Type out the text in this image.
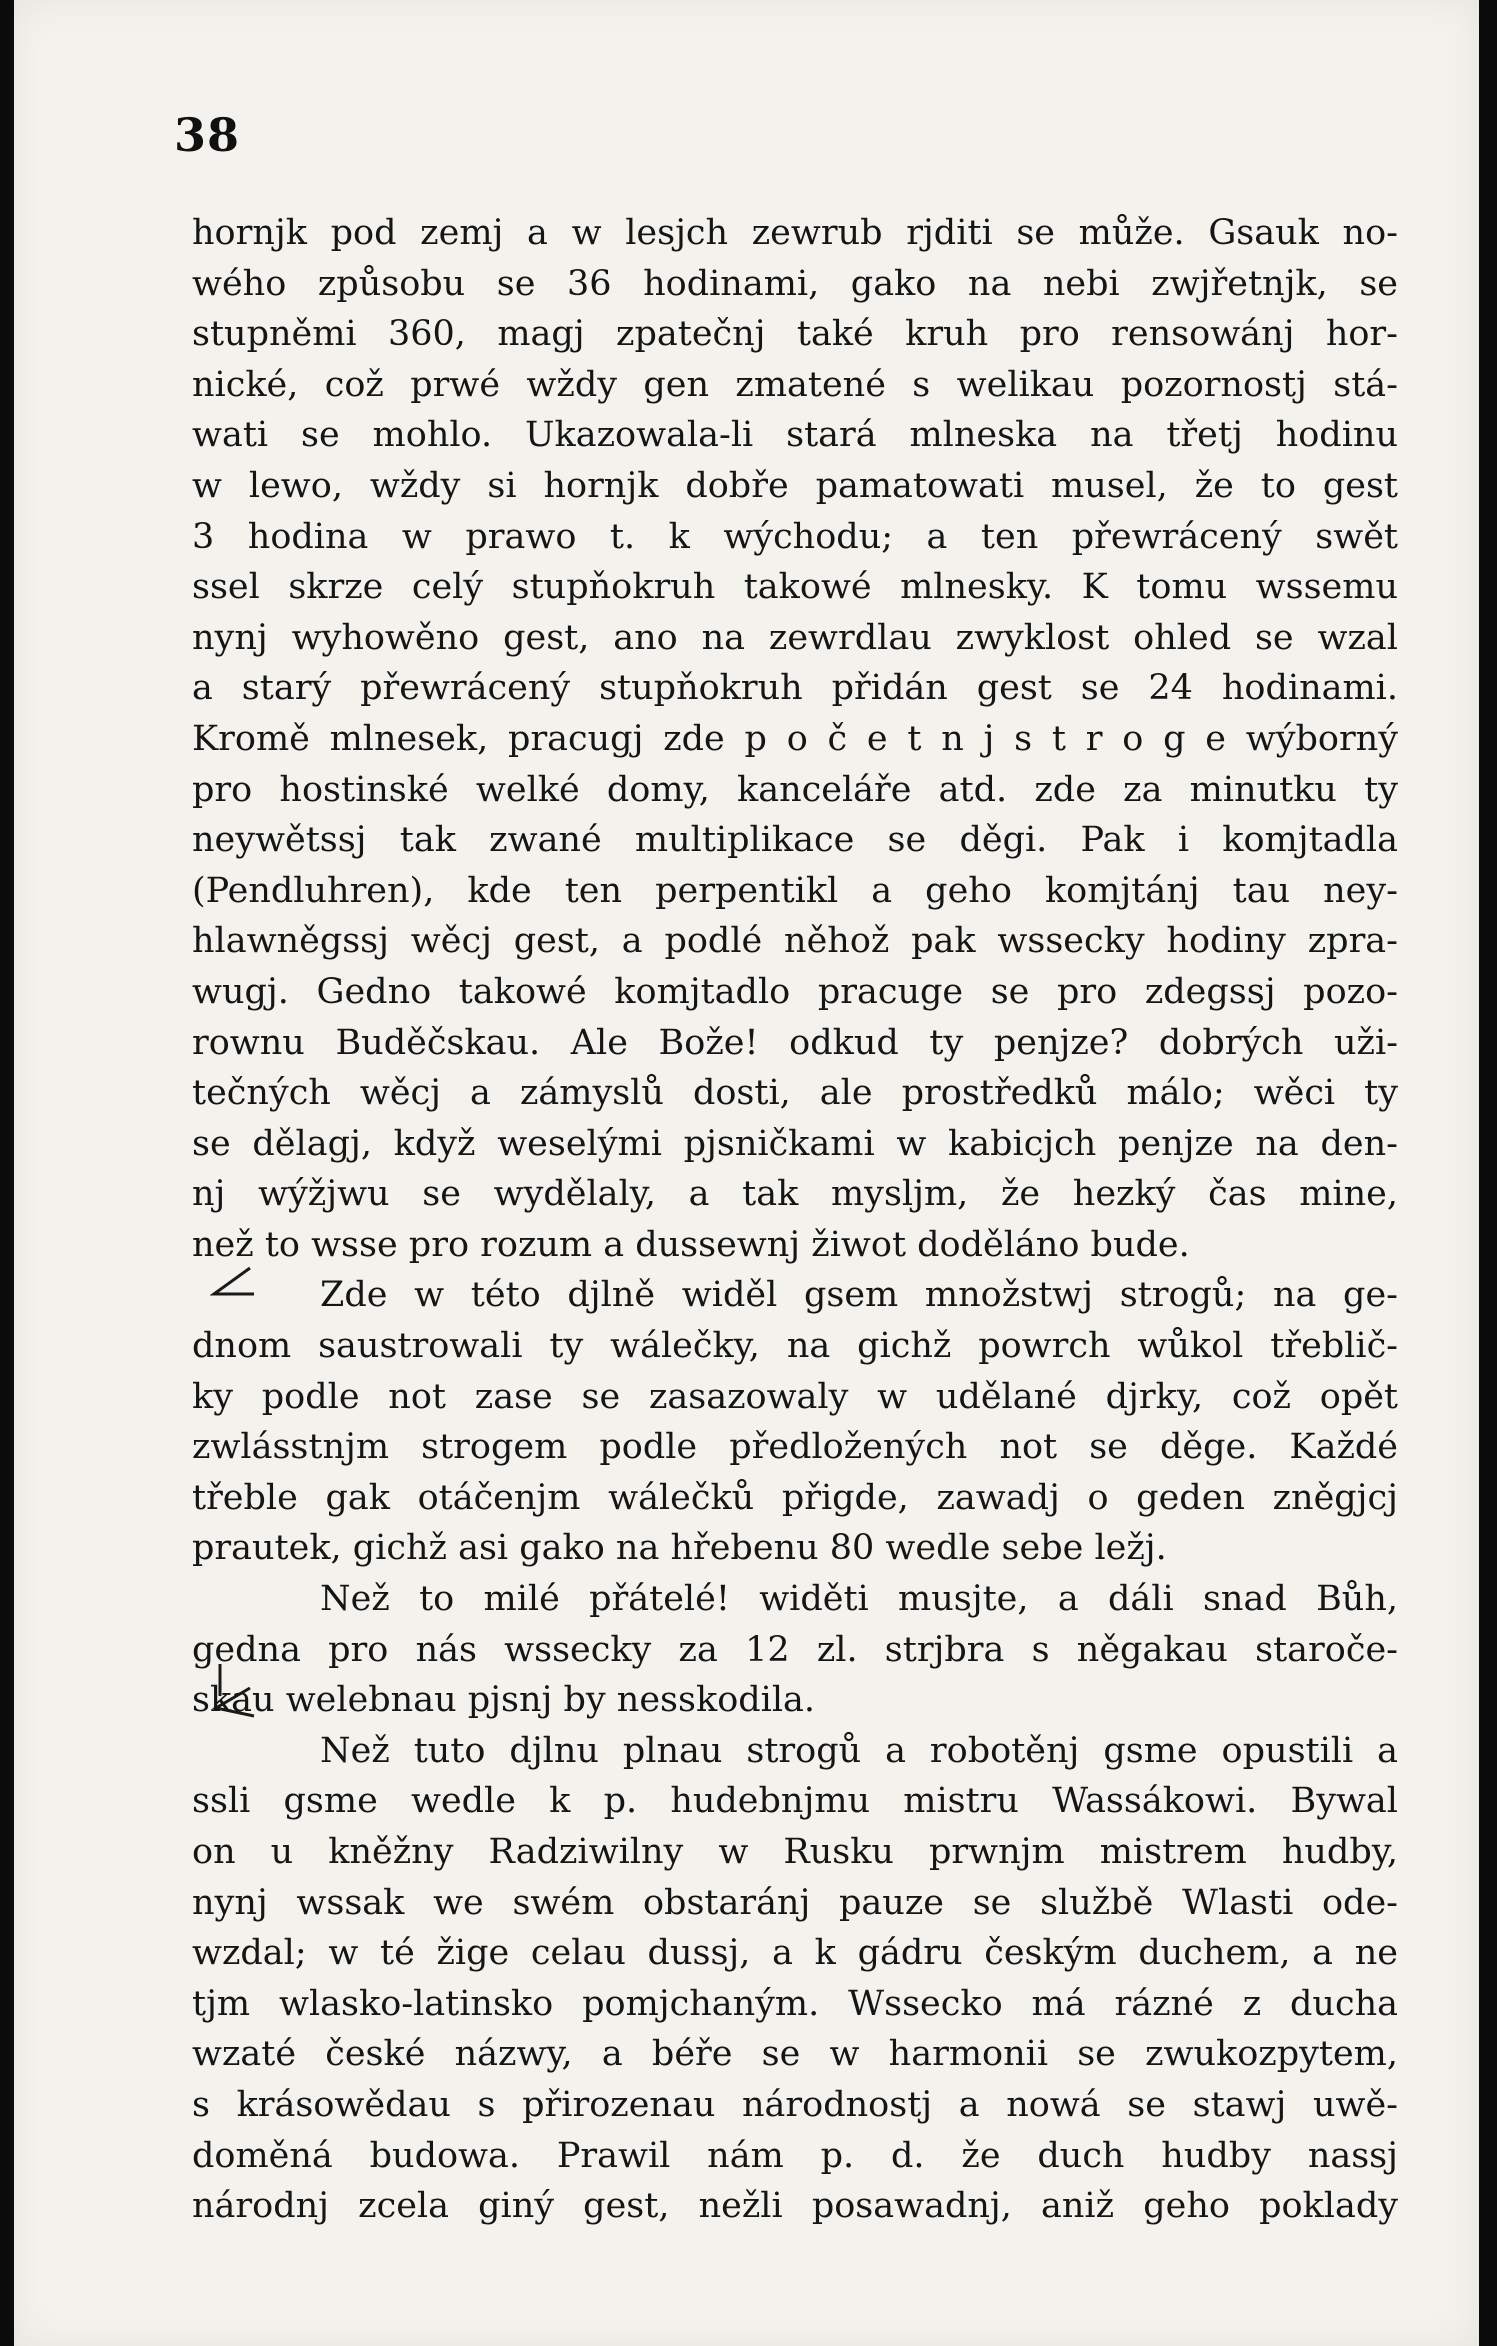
38
hornjk pod zemj a w lesjch zewrub rjditi se může. Gsauk no-
wého způsobu se 36 hodinami, gako na nebi zwjřetnjk, se
stupněmi 360, magj zpatečnj také kruh pro rensowánj hor-
nické, což prwé wždy gen zmatené s welikau pozornostj stá-
wati se mohlo. Ukazowala-li stará mlneska na třetj hodinu
w lewo, wždy si hornjk dobře pamatowati musel, že to gest
3 hodina w prawo t. k wýchodu; a ten přewrácený swět
ssel skrze celý stupňokruh takowé mlnesky. K tomu wssemu
nynj wyhowěno gest, ano na zewrdlau zwyklost ohled se wzal
a starý přewrácený stupňokruh přidán gest se 24 hodinami.
Kromě mlnesek, pracugj zde p o č e t n j s t r o g e wýborný
pro hostinské welké domy, kanceláře atd. zde za minutku ty
neywětssj tak zwané multiplikace se děgi. Pak i komjtadla
(Pendluhren), kde ten perpentikl a geho komjtánj tau ney-
hlawněgssj wěcj gest, a podlé něhož pak wssecky hodiny zpra-
wugj. Gedno takowé komjtadlo pracuge se pro zdegssj pozo-
rownu Buděčskau. Ale Bože! odkud ty penjze? dobrých uži-
tečných wěcj a zámyslů dosti, ale prostředků málo; wěci ty
se dělagj, když weselými pjsničkami w kabicjch penjze na den-
nj wýžjwu se wydělaly, a tak myslјm, že hezký čas mine,
než to wsse pro rozum a dussewnj žiwot doděláno bude.
Zde w této djlně widěl gsem množstwj strogů; na ge-
dnom saustrowali ty wálečky, na gichž powrch wůkol třeblič-
ky podle not zase se zasazowaly w udělané djrky, což opět
zwlásstnjm strogem podle předložených not se děge. Každé
třeble gak otáčenjm wálečků přigde, zawadj o geden zněgjcj
prautek, gichž asi gako na hřebenu 80 wedle sebe ležj.
Než to milé přátelé! widěti musjte, a dáli snad Bůh,
gedna pro nás wssecky za 12 zl. strjbra s něgakau staroče-
skau welebnau pjsnj by nesskodila.
Než tuto djlnu plnau strogů a robotěnj gsme opustili a
ssli gsme wedle k p. hudebnjmu mistru Wassákowi. Bywal
on u kněžny Radziwilny w Rusku prwnjm mistrem hudby,
nynj wssak we swém obstaránj pauze se službě Wlasti ode-
wzdal; w té žige celau dussj, a k gádru českým duchem, a ne
tjm wlasko-latinsko pomjchaným. Wssecko má rázné z ducha
wzaté české názwy, a béře se w harmonii se zwukozpytem,
s krásowědau s přirozenau národnostj a nowá se stawj uwě-
doměná budowa. Prawil nám p. d. že duch hudby nassj
národnj zcela giný gest, nežli posawadnj, aniž geho poklady
